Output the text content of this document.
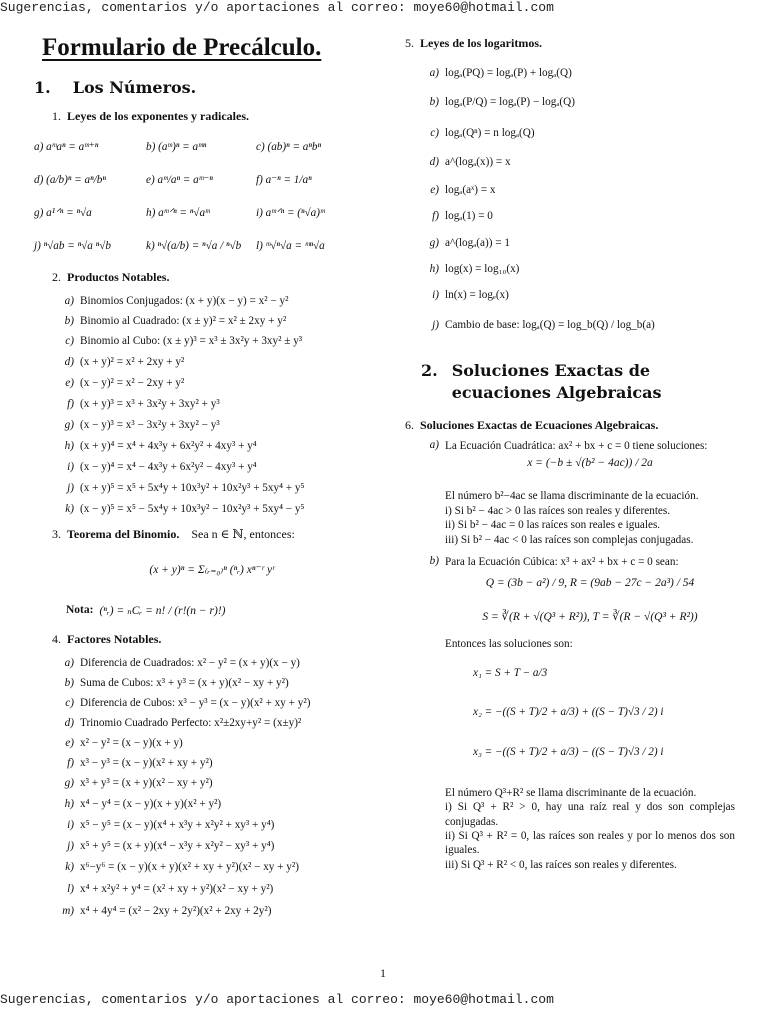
Sugerencias, comentarios y/o aportaciones al correo: moye60@hotmail.com
Formulario de Precálculo.
1. Los Números.
1. Leyes de los exponentes y radicales.
a) aᵐaⁿ = aᵐ⁺ⁿ	b) (aᵐ)ⁿ = aᵐⁿ	c) (ab)ⁿ = aⁿbⁿ
d) (a/b)ⁿ = aⁿ/bⁿ	e) aᵐ/aⁿ = aᵐ⁻ⁿ	f) a⁻ⁿ = 1/aⁿ
g) a¹ᐟⁿ = ⁿ√a	h) aᵐᐟⁿ = ⁿ√aᵐ	i) aᵐᐟⁿ = (ⁿ√a)ᵐ
j) ⁿ√ab = ⁿ√a ⁿ√b	k) ⁿ√(a/b) = ⁿ√a / ⁿ√b	l) ᵐ√ⁿ√a = ᵐⁿ√a
2. Productos Notables.
a) Binomios Conjugados: (x + y)(x − y) = x² − y²
b) Binomio al Cuadrado: (x ± y)² = x² ± 2xy + y²
c) Binomio al Cubo: (x ± y)³ = x³ ± 3x²y + 3xy² ± y³
d) (x + y)² = x² + 2xy + y²
e) (x − y)² = x² − 2xy + y²
f) (x + y)³ = x³ + 3x²y + 3xy² + y³
g) (x − y)³ = x³ − 3x²y + 3xy² − y³
h) (x + y)⁴ = x⁴ + 4x³y + 6x²y² + 4xy³ + y⁴
i) (x − y)⁴ = x⁴ − 4x³y + 6x²y² − 4xy³ + y⁴
j) (x + y)⁵ = x⁵ + 5x⁴y + 10x³y² + 10x²y³ + 5xy⁴ + y⁵
k) (x − y)⁵ = x⁵ − 5x⁴y + 10x³y² − 10x²y³ + 5xy⁴ − y⁵
3. Teorema del Binomio. Sea n ∈ ℕ, entonces:
(x + y)ⁿ = Σ₍ᵣ₌₀₎ⁿ (ⁿᵣ) xⁿ⁻ʳ yʳ
Nota: (ⁿᵣ) = ₙCᵣ = n! / (r!(n − r)!)
4. Factores Notables.
a) Diferencia de Cuadrados: x² − y² = (x + y)(x − y)
b) Suma de Cubos: x³ + y³ = (x + y)(x² − xy + y²)
c) Diferencia de Cubos: x³ − y³ = (x − y)(x² + xy + y²)
d) Trinomio Cuadrado Perfecto: x²±2xy+y² = (x±y)²
e) x² − y² = (x − y)(x + y)
f) x³ − y³ = (x − y)(x² + xy + y²)
g) x³ + y³ = (x + y)(x² − xy + y²)
h) x⁴ − y⁴ = (x − y)(x + y)(x² + y²)
i) x⁵ − y⁵ = (x − y)(x⁴ + x³y + x²y² + xy³ + y⁴)
j) x⁵ + y⁵ = (x + y)(x⁴ − x³y + x²y² − xy³ + y⁴)
k) x⁶−y⁶ = (x − y)(x + y)(x² + xy + y²)(x² − xy + y²)
l) x⁴ + x²y² + y⁴ = (x² + xy + y²)(x² − xy + y²)
m) x⁴ + 4y⁴ = (x² − 2xy + 2y²)(x² + 2xy + 2y²)
5. Leyes de los logaritmos.
a) logₐ(PQ) = logₐ(P) + logₐ(Q)
b) logₐ(P/Q) = logₐ(P) − logₐ(Q)
c) logₐ(Qⁿ) = n logₐ(Q)
d) a^(logₐ(x)) = x
e) logₐ(aˣ) = x
f) logₐ(1) = 0
g) a^(logₐ(a)) = 1
h) log(x) = log₁₀(x)
i) ln(x) = logₑ(x)
j) Cambio de base: logₐ(Q) = log_b(Q) / log_b(a)
2. Soluciones Exactas de ecuaciones Algebraicas
6. Soluciones Exactas de Ecuaciones Algebraicas.
a) La Ecuación Cuadrática: ax² + bx + c = 0 tiene soluciones:
x = (−b ± √(b² − 4ac)) / 2a
El número b²−4ac se llama discriminante de la ecuación.
i) Si b² − 4ac > 0 las raíces son reales y diferentes.
ii) Si b² − 4ac = 0 las raíces son reales e iguales.
iii) Si b² − 4ac < 0 las raíces son complejas conjugadas.
b) Para la Ecuación Cúbica: x³ + ax² + bx + c = 0 sean:
Q = (3b − a²) / 9, R = (9ab − 27c − 2a³) / 54
S = ∛(R + √(Q³ + R²)), T = ∛(R − √(Q³ + R²))
Entonces las soluciones son:
x₁ = S + T − a/3
x₂ = −((S + T)/2 + a/3) + ((S − T)√3 / 2) i
x₃ = −((S + T)/2 + a/3) − ((S − T)√3 / 2) i
El número Q³+R² se llama discriminante de la ecuación.
i) Si Q³ + R² > 0, hay una raíz real y dos son complejas conjugadas.
ii) Si Q³ + R² = 0, las raíces son reales y por lo menos dos son iguales.
iii) Si Q³ + R² < 0, las raíces son reales y diferentes.
1
Sugerencias, comentarios y/o aportaciones al correo: moye60@hotmail.com
